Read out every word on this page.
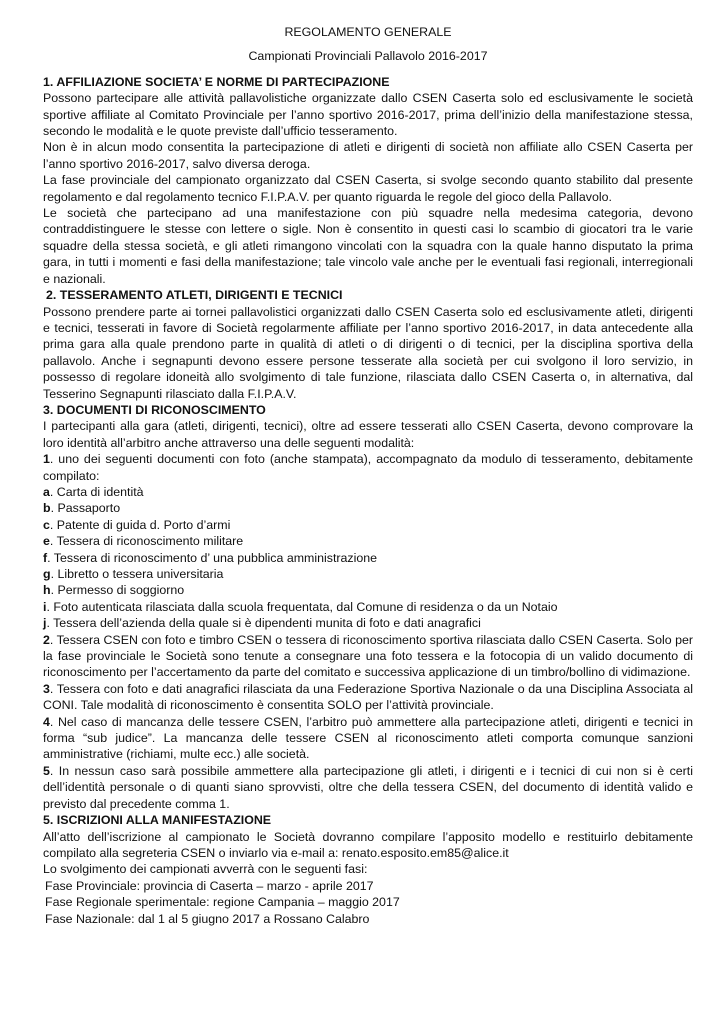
REGOLAMENTO GENERALE

Campionati Provinciali Pallavolo 2016-2017

1. AFFILIAZIONE SOCIETA’ E NORME DI PARTECIPAZIONE

Possono partecipare alle attività pallavolistiche organizzate dallo CSEN Caserta solo ed esclusivamente le società sportive affiliate al Comitato Provinciale per l’anno sportivo 2016-2017, prima dell’inizio della manifestazione stessa, secondo le modalità e le quote previste dall’ufficio tesseramento.

Non è in alcun modo consentita la partecipazione di atleti e dirigenti di società non affiliate allo CSEN Caserta per l’anno sportivo 2016-2017, salvo diversa deroga.

La fase provinciale del campionato organizzato dal CSEN Caserta, si svolge secondo quanto stabilito dal presente regolamento e dal regolamento tecnico F.I.P.A.V. per quanto riguarda le regole del gioco della Pallavolo.

Le società che partecipano ad una manifestazione con più squadre nella medesima categoria, devono contraddistinguere le stesse con lettere o sigle. Non è consentito in questi casi lo scambio di giocatori tra le varie squadre della stessa società, e gli atleti rimangono vincolati con la squadra con la quale hanno disputato la prima gara, in tutti i momenti e fasi della manifestazione; tale vincolo vale anche per le eventuali fasi regionali, interregionali e nazionali.

2. TESSERAMENTO ATLETI, DIRIGENTI E TECNICI

Possono prendere parte ai tornei pallavolistici organizzati dallo CSEN Caserta solo ed esclusivamente atleti, dirigenti e tecnici, tesserati in favore di Società regolarmente affiliate per l’anno sportivo 2016-2017, in data antecedente alla prima gara alla quale prendono parte in qualità di atleti o di dirigenti o di tecnici, per la disciplina sportiva della pallavolo. Anche i segnapunti devono essere persone tesserate alla società per cui svolgono il loro servizio, in possesso di regolare idoneità allo svolgimento di tale funzione, rilasciata dallo CSEN Caserta o, in alternativa, dal Tesserino Segnapunti rilasciato dalla F.I.P.A.V.

3. DOCUMENTI DI RICONOSCIMENTO

I partecipanti alla gara (atleti, dirigenti, tecnici), oltre ad essere tesserati allo CSEN Caserta, devono comprovare la loro identità all’arbitro anche attraverso una delle seguenti modalità:

1. uno dei seguenti documenti con foto (anche stampata), accompagnato da modulo di tesseramento, debitamente compilato:

a. Carta di identità

b. Passaporto

c. Patente di guida d. Porto d’armi

e. Tessera di riconoscimento militare

f. Tessera di riconoscimento d’ una pubblica amministrazione

g. Libretto o tessera universitaria

h. Permesso di soggiorno

i. Foto autenticata rilasciata dalla scuola frequentata, dal Comune di residenza o da un Notaio

j. Tessera dell’azienda della quale si è dipendenti munita di foto e dati anagrafici

2. Tessera CSEN con foto e timbro CSEN o tessera di riconoscimento sportiva rilasciata dallo CSEN Caserta. Solo per la fase provinciale le Società sono tenute a consegnare una foto tessera e la fotocopia di un valido documento di riconoscimento per l’accertamento da parte del comitato e successiva applicazione di un timbro/bollino di vidimazione.

3. Tessera con foto e dati anagrafici rilasciata da una Federazione Sportiva Nazionale o da una Disciplina Associata al CONI. Tale modalità di riconoscimento è consentita SOLO per l’attività provinciale.

4. Nel caso di mancanza delle tessere CSEN, l’arbitro può ammettere alla partecipazione atleti, dirigenti e tecnici in forma “sub judice”. La mancanza delle tessere CSEN al riconoscimento atleti comporta comunque sanzioni amministrative (richiami, multe ecc.) alle società.

5. In nessun caso sarà possibile ammettere alla partecipazione gli atleti, i dirigenti e i tecnici di cui non si è certi dell’identità personale o di quanti siano sprovvisti, oltre che della tessera CSEN, del documento di identità valido e previsto dal precedente comma 1.

5. ISCRIZIONI ALLA MANIFESTAZIONE

All’atto dell’iscrizione al campionato le Società dovranno compilare l’apposito modello e restituirlo debitamente compilato alla segreteria CSEN o inviarlo via e-mail a: renato.esposito.em85@alice.it

Lo svolgimento dei campionati avverrà con le seguenti fasi:

Fase Provinciale: provincia di Caserta – marzo - aprile 2017

Fase Regionale sperimentale: regione Campania – maggio 2017

Fase Nazionale: dal 1 al 5 giugno 2017 a Rossano Calabro
